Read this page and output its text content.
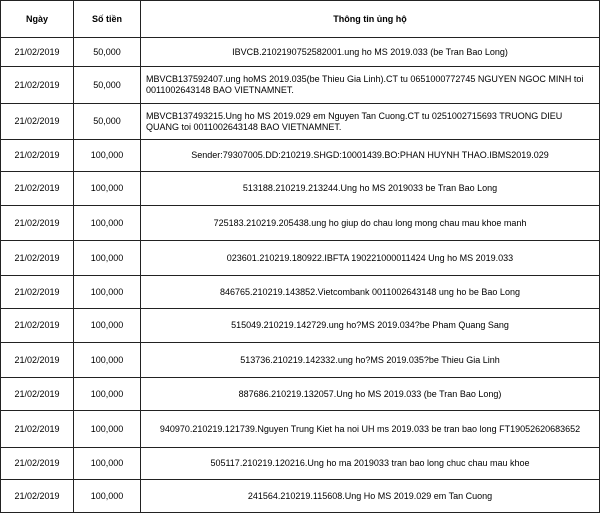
Ngày	Số tiền	Thông tin ủng hộ
21/02/2019	50,000	IBVCB.2102190752582001.ung ho MS 2019.033 (be Tran Bao Long)
21/02/2019	50,000	MBVCB137592407.ung hoMS 2019.035(be Thieu Gia Linh).CT tu 0651000772745 NGUYEN NGOC MINH toi 0011002643148 BAO VIETNAMNET.
21/02/2019	50,000	MBVCB137493215.Ung ho MS 2019.029 em Nguyen Tan Cuong.CT tu 0251002715693 TRUONG DIEU QUANG toi 0011002643148 BAO VIETNAMNET.
21/02/2019	100,000	Sender:79307005.DD:210219.SHGD:10001439.BO:PHAN HUYNH THAO.IBMS2019.029
21/02/2019	100,000	513188.210219.213244.Ung ho MS 2019033 be Tran Bao Long
21/02/2019	100,000	725183.210219.205438.ung ho giup do chau long mong chau mau khoe manh
21/02/2019	100,000	023601.210219.180922.IBFTA 190221000011424 Ung ho MS 2019.033
21/02/2019	100,000	846765.210219.143852.Vietcombank 0011002643148 ung ho be Bao Long
21/02/2019	100,000	515049.210219.142729.ung ho?MS 2019.034?be Pham Quang Sang
21/02/2019	100,000	513736.210219.142332.ung ho?MS 2019.035?be Thieu Gia Linh
21/02/2019	100,000	887686.210219.132057.Ung ho MS 2019.033 (be Tran Bao Long)
21/02/2019	100,000	940970.210219.121739.Nguyen Trung Kiet ha noi UH ms 2019.033 be tran bao long FT19052620683652
21/02/2019	100,000	505117.210219.120216.Ung ho ma 2019033 tran bao long chuc chau mau khoe
21/02/2019	100,000	241564.210219.115608.Ung Ho MS 2019.029 em Tan Cuong
